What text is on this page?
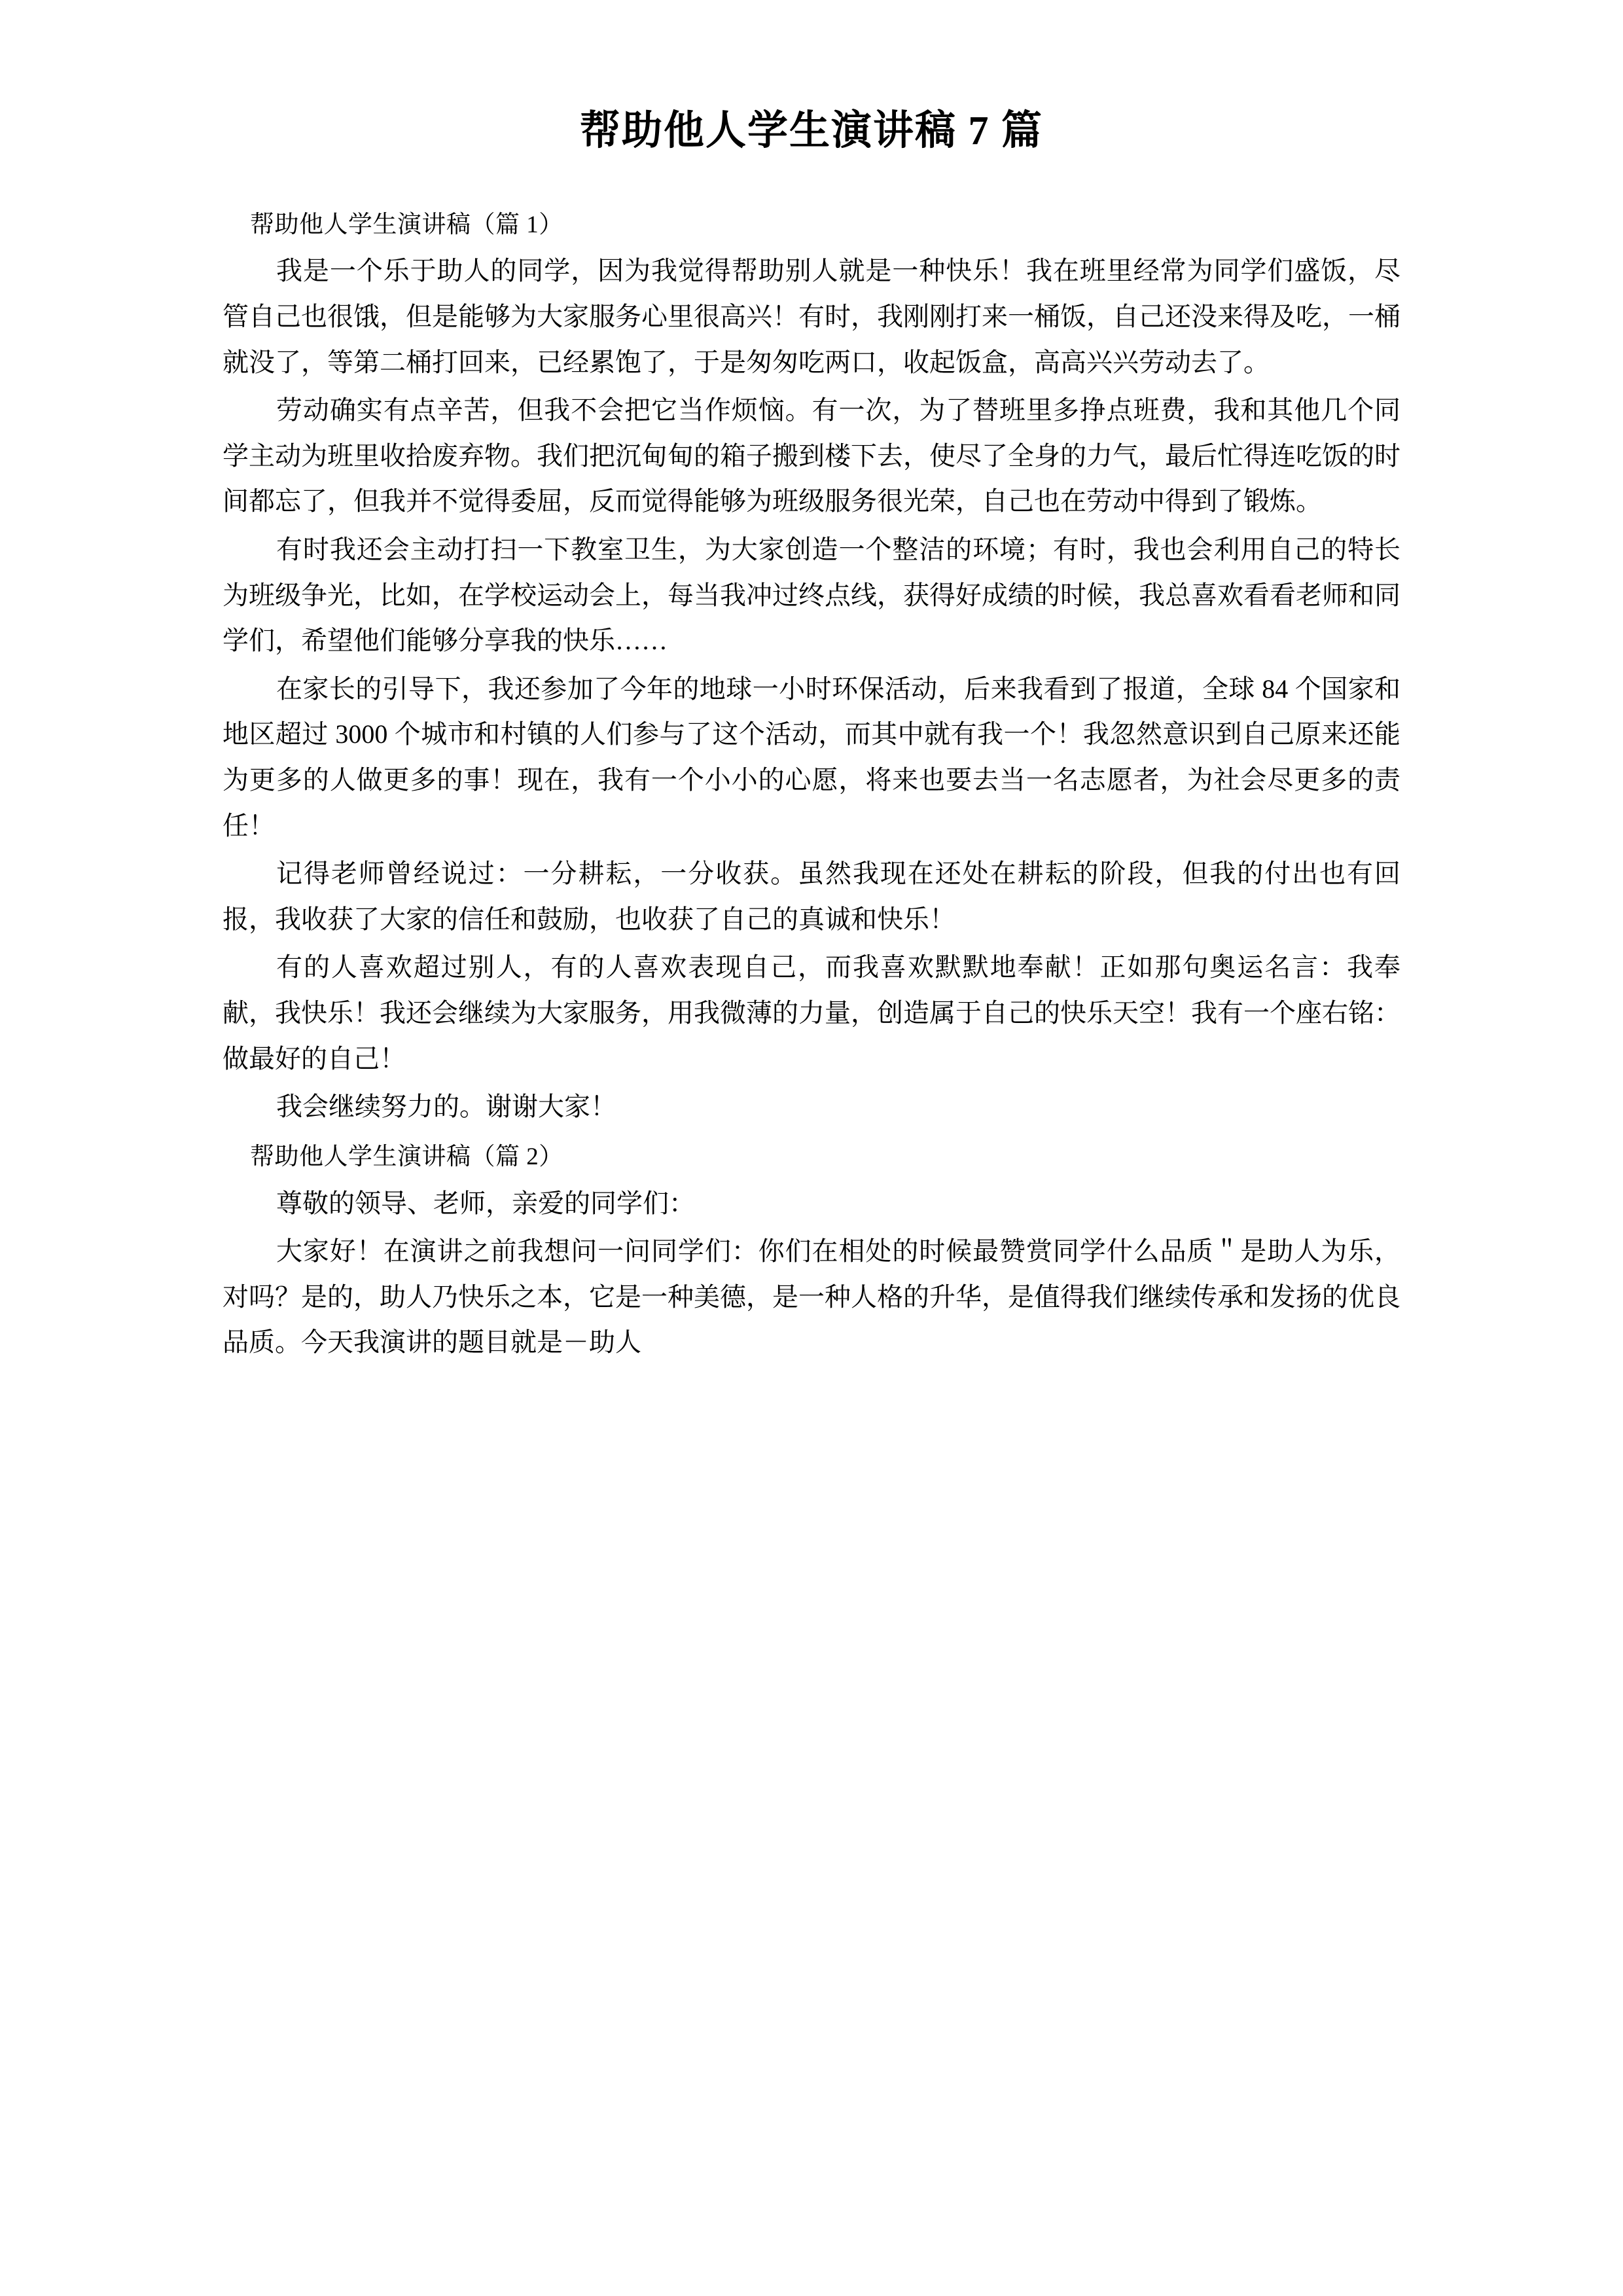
帮助他人学生演讲稿 7 篇
帮助他人学生演讲稿（篇 1）

我是一个乐于助人的同学，因为我觉得帮助别人就是一种快乐！我在班里经常为同学们盛饭，尽管自己也很饿，但是能够为大家服务心里很高兴！有时，我刚刚打来一桶饭，自己还没来得及吃，一桶就没了，等第二桶打回来，已经累饱了，于是匆匆吃两口，收起饭盒，高高兴兴劳动去了。

劳动确实有点辛苦，但我不会把它当作烦恼。有一次，为了替班里多挣点班费，我和其他几个同学主动为班里收拾废弃物。我们把沉甸甸的箱子搬到楼下去，使尽了全身的力气，最后忙得连吃饭的时间都忘了，但我并不觉得委屈，反而觉得能够为班级服务很光荣，自己也在劳动中得到了锻炼。

有时我还会主动打扫一下教室卫生，为大家创造一个整洁的环境；有时，我也会利用自己的特长为班级争光，比如，在学校运动会上，每当我冲过终点线，获得好成绩的时候，我总喜欢看看老师和同学们，希望他们能够分享我的快乐……

在家长的引导下，我还参加了今年的地球一小时环保活动，后来我看到了报道，全球 84 个国家和地区超过 3000 个城市和村镇的人们参与了这个活动，而其中就有我一个！我忽然意识到自己原来还能为更多的人做更多的事！现在，我有一个小小的心愿，将来也要去当一名志愿者，为社会尽更多的责任！

记得老师曾经说过：一分耕耘，一分收获。虽然我现在还处在耕耘的阶段，但我的付出也有回报，我收获了大家的信任和鼓励，也收获了自己的真诚和快乐！

有的人喜欢超过别人，有的人喜欢表现自己，而我喜欢默默地奉献！正如那句奥运名言：我奉献，我快乐！我还会继续为大家服务，用我微薄的力量，创造属于自己的快乐天空！我有一个座右铭：做最好的自己！

我会继续努力的。谢谢大家！

帮助他人学生演讲稿（篇 2）

尊敬的领导、老师，亲爱的同学们：

大家好！在演讲之前我想问一问同学们：你们在相处的时候最赞赏同学什么品质＂是助人为乐，对吗？是的，助人乃快乐之本，它是一种美德，是一种人格的升华，是值得我们继续传承和发扬的优良品质。今天我演讲的题目就是－助人
